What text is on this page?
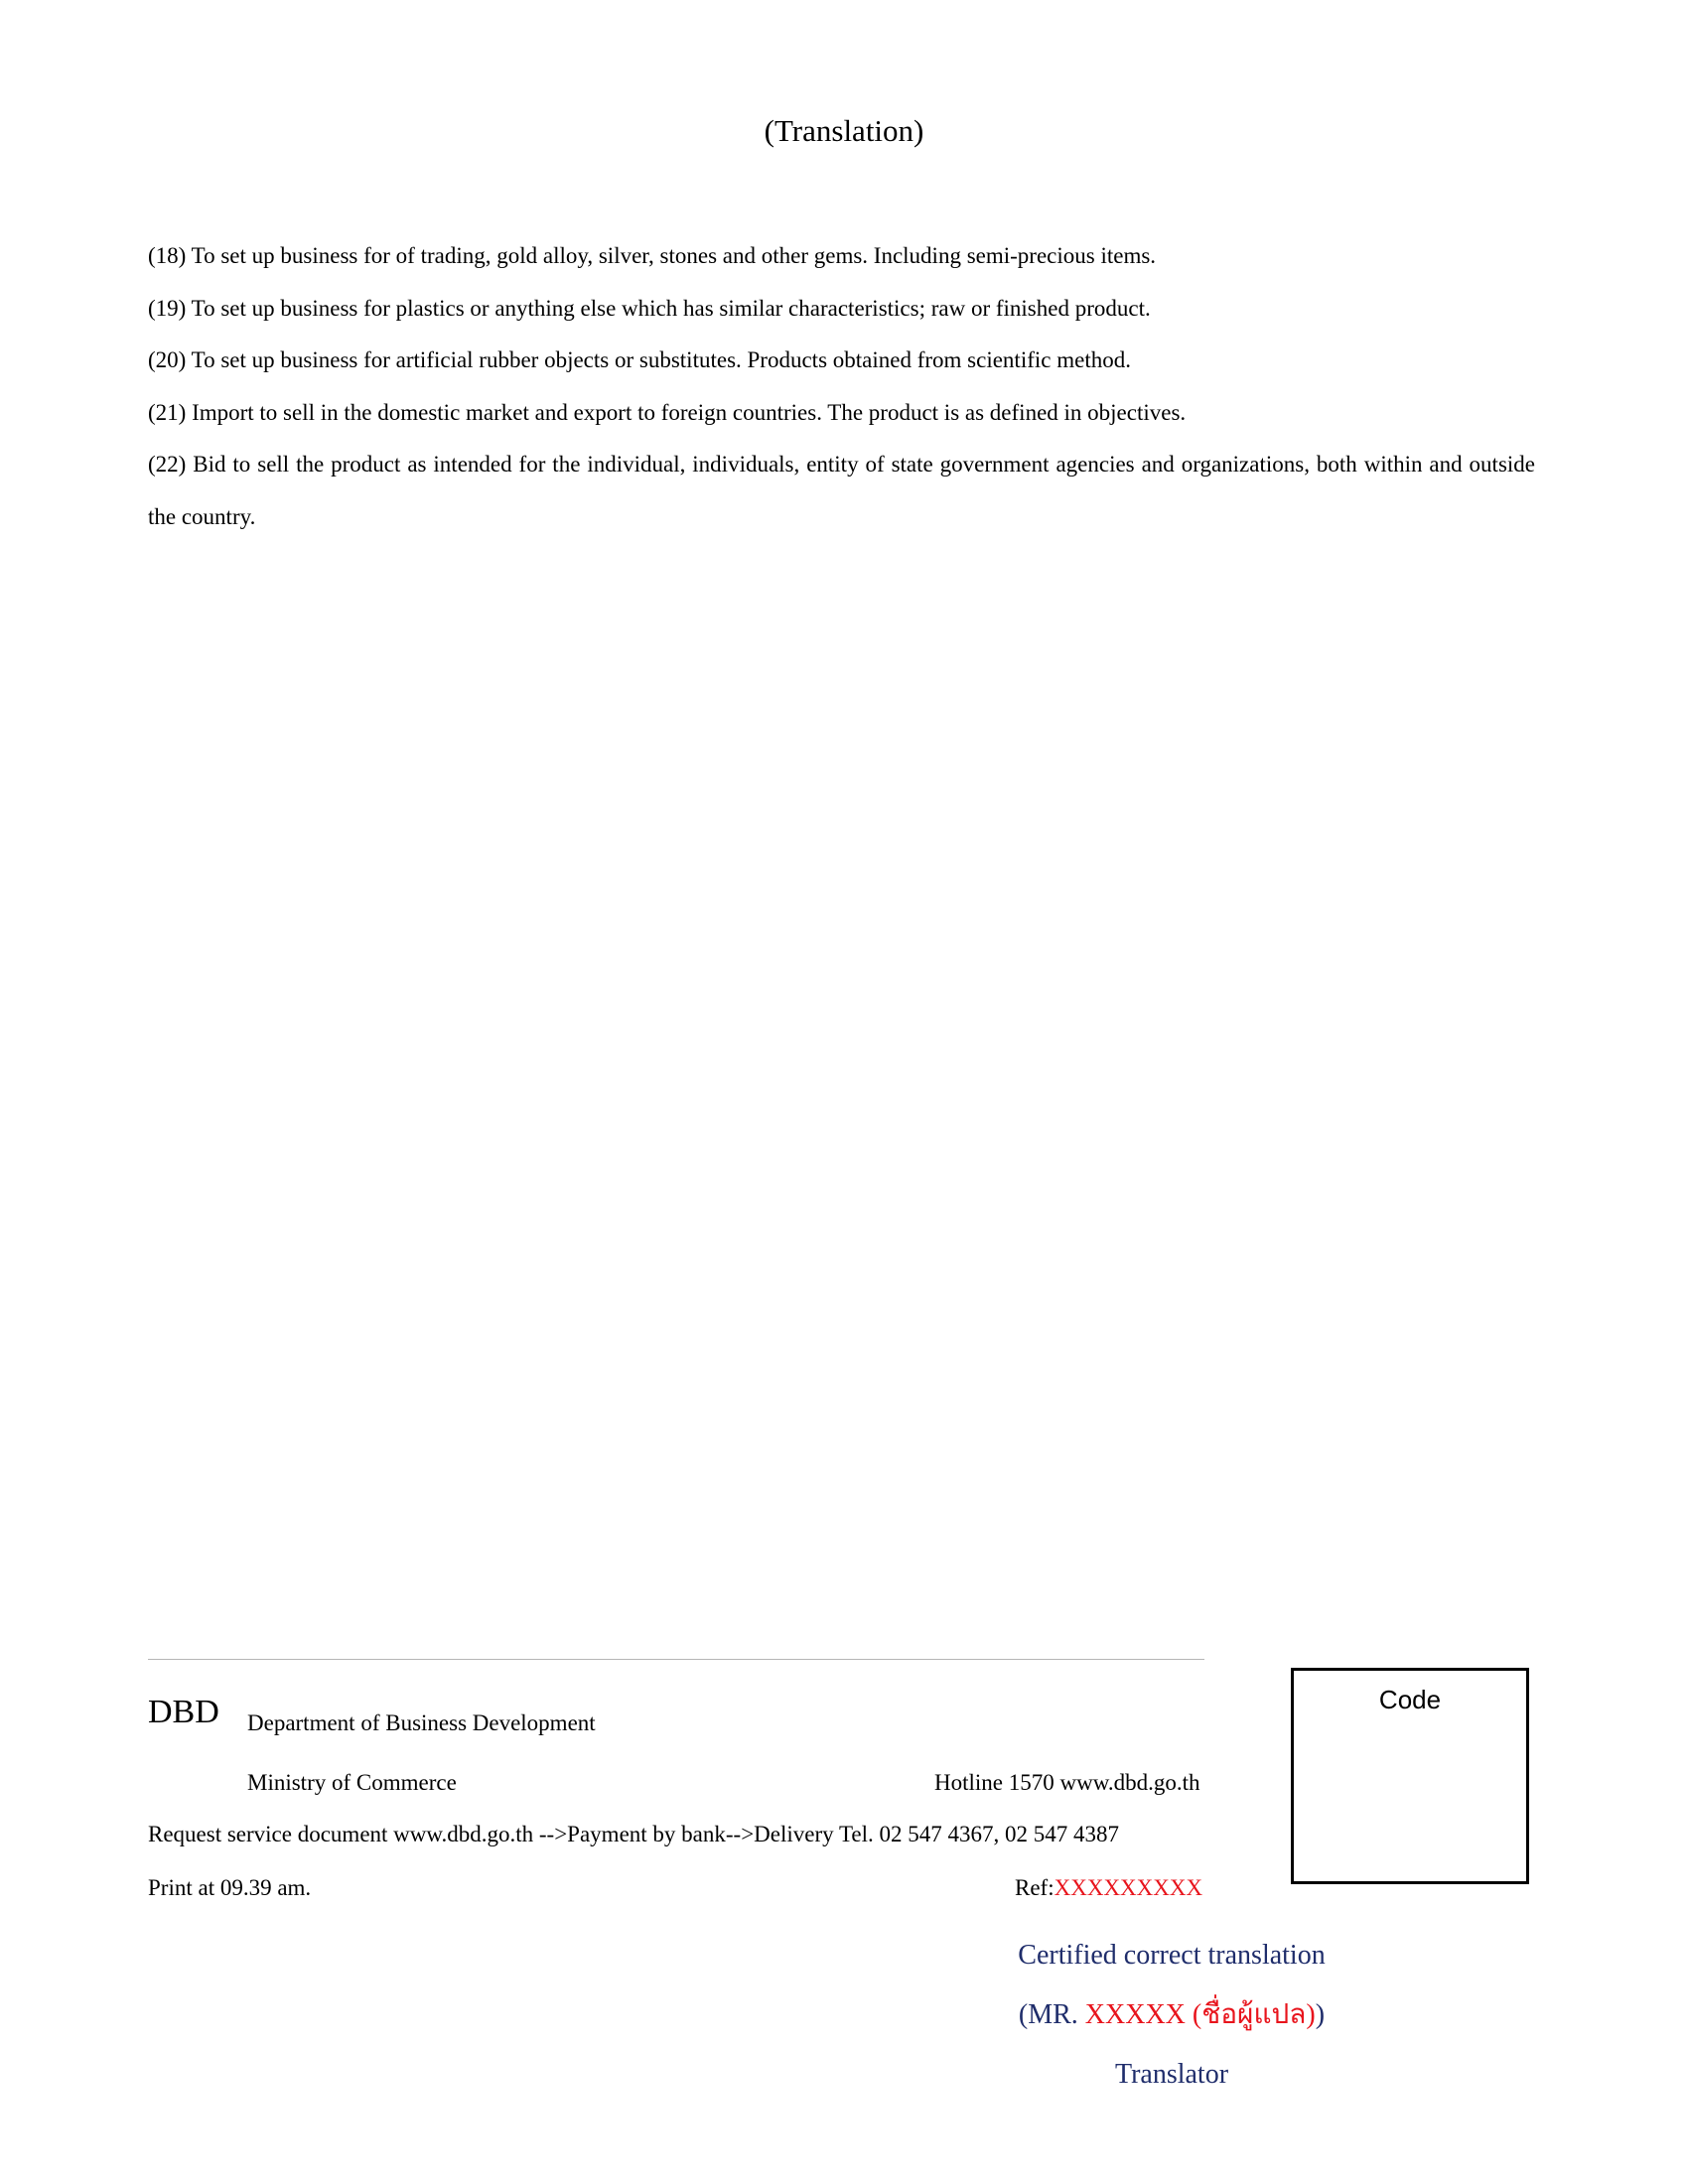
(Translation)

(18) To set up business for of trading, gold alloy, silver, stones and other gems. Including semi-precious items.

(19) To set up business for plastics or anything else which has similar characteristics; raw or finished product.

(20) To set up business for artificial rubber objects or substitutes. Products obtained from scientific method.

(21) Import to sell in the domestic market and export to foreign countries. The product is as defined in objectives.

(22) Bid to sell the product as intended for the individual, individuals, entity of state government agencies and organizations, both within and outside the country.

DBD Department of Business Development
Ministry of Commerce	Hotline 1570 www.dbd.go.th
Request service document www.dbd.go.th -->Payment by bank-->Delivery Tel. 02 547 4367, 02 547 4387
Print at 09.39 am.	Ref:XXXXXXXXX
Code
Certified correct translation
(MR. XXXXX (ชื่อผู้แปล))
Translator
